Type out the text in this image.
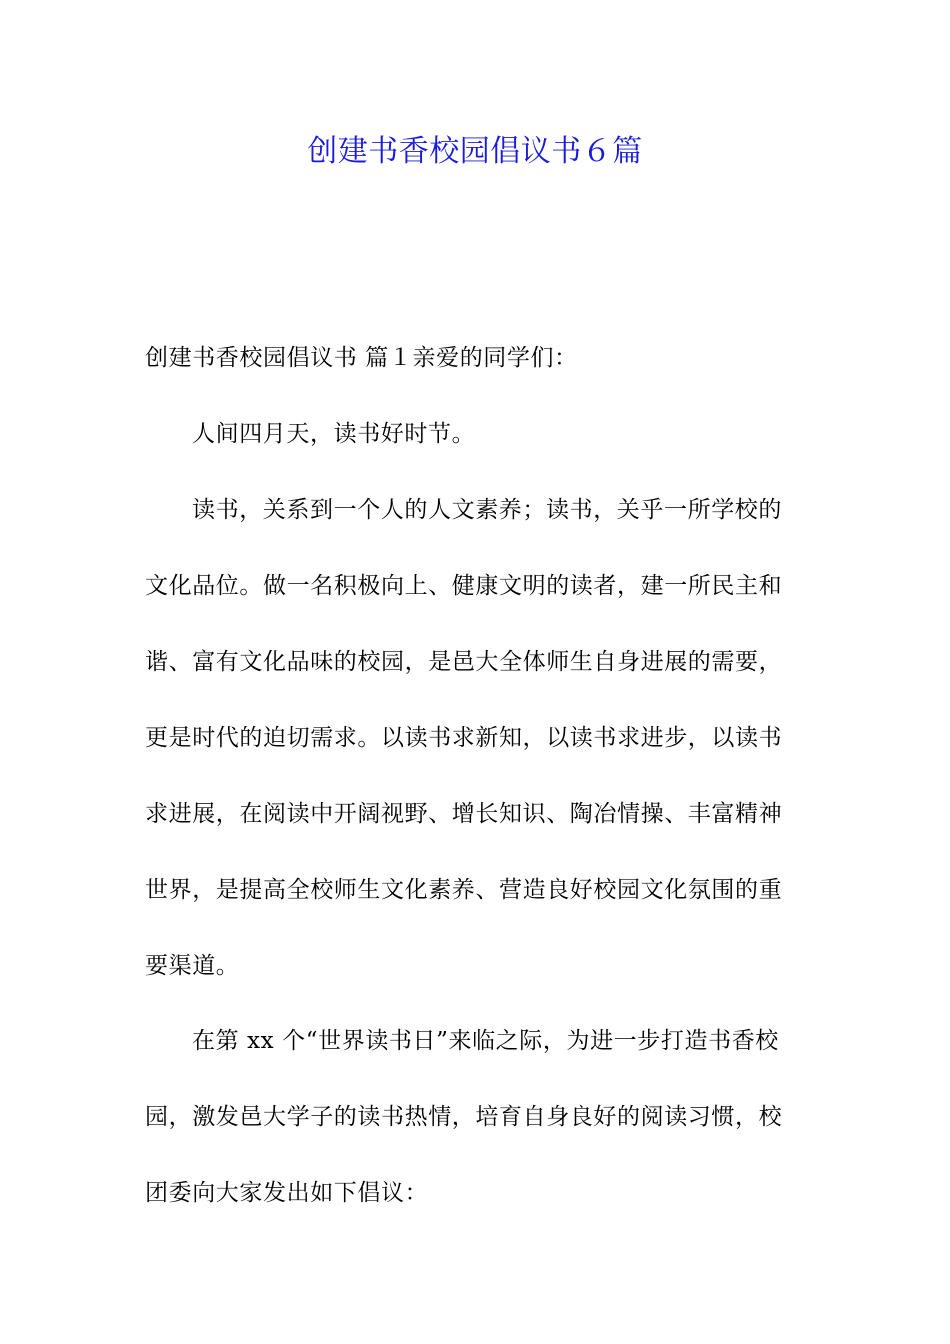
创建书香校园倡议书６篇

创建书香校园倡议书 篇１亲爱的同学们：

人间四月天，读书好时节。

读书，关系到一个人的人文素养；读书，关乎一所学校的
文化品位。做一名积极向上、健康文明的读者，建一所民主和
谐、富有文化品味的校园，是邑大全体师生自身进展的需要，
更是时代的迫切需求。以读书求新知，以读书求进步，以读书
求进展，在阅读中开阔视野、增长知识、陶冶情操、丰富精神
世界，是提高全校师生文化素养、营造良好校园文化氛围的重
要渠道。

在第 xx 个“世界读书日”来临之际，为进一步打造书香校
园，激发邑大学子的读书热情，培育自身良好的阅读习惯，校
团委向大家发出如下倡议：
